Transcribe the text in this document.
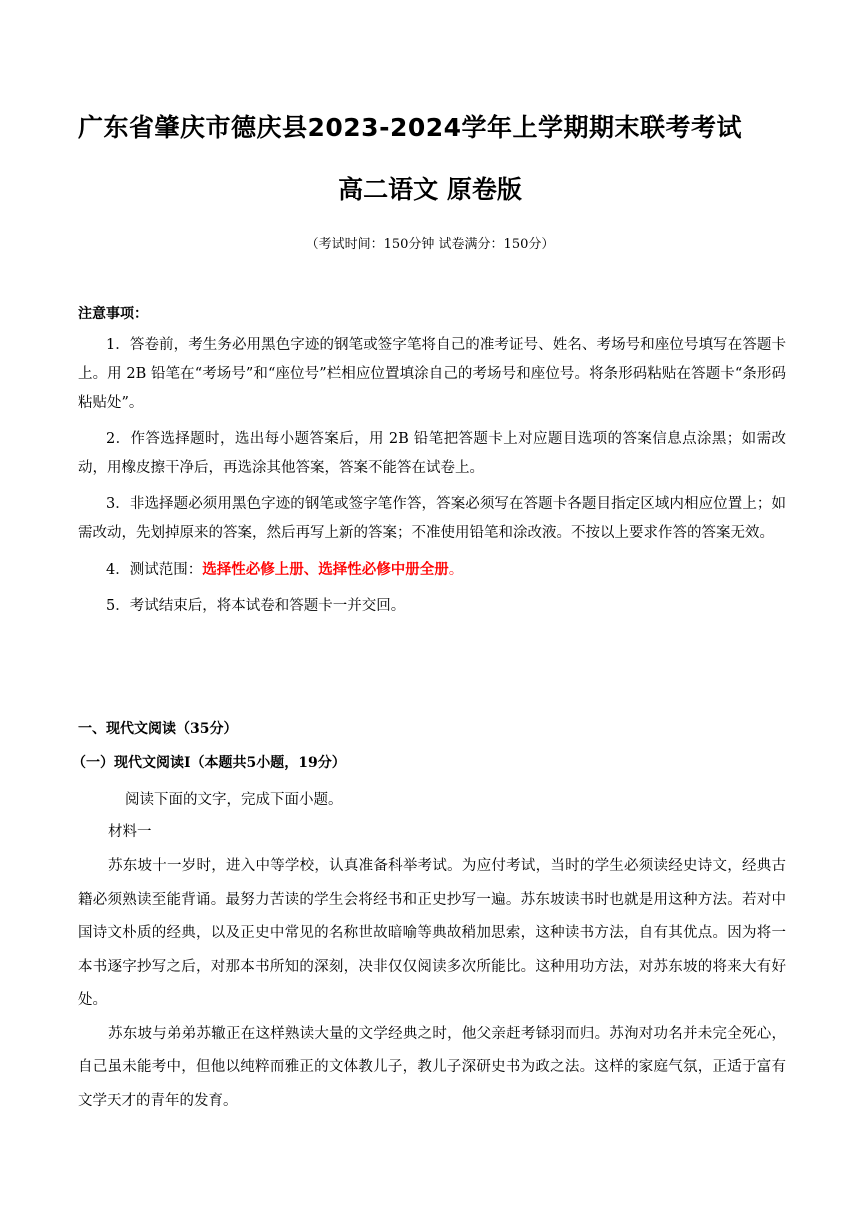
广东省肇庆市德庆县2023-2024学年上学期期末联考考试
高二语文 原卷版
（考试时间：150分钟 试卷满分：150分）
注意事项：

1．答卷前，考生务必用黑色字迹的钢笔或签字笔将自己的准考证号、姓名、考场号和座位号填写在答题卡上。用 2B 铅笔在“考场号”和“座位号”栏相应位置填涂自己的考场号和座位号。将条形码粘贴在答题卡“条形码粘贴处”。

2．作答选择题时，选出每小题答案后，用 2B 铅笔把答题卡上对应题目选项的答案信息点涂黑；如需改动，用橡皮擦干净后，再选涂其他答案，答案不能答在试卷上。

3．非选择题必须用黑色字迹的钢笔或签字笔作答，答案必须写在答题卡各题目指定区域内相应位置上；如需改动，先划掉原来的答案，然后再写上新的答案；不准使用铅笔和涂改液。不按以上要求作答的答案无效。

4．测试范围：选择性必修上册、选择性必修中册全册。

5．考试结束后，将本试卷和答题卡一并交回。

一、现代文阅读（35分）
（一）现代文阅读Ⅰ（本题共5小题，19分）
阅读下面的文字，完成下面小题。
材料一

苏东坡十一岁时，进入中等学校，认真准备科举考试。为应付考试，当时的学生必须读经史诗文，经典古籍必须熟读至能背诵。最努力苦读的学生会将经书和正史抄写一遍。苏东坡读书时也就是用这种方法。若对中国诗文朴质的经典，以及正史中常见的名称世故暗喻等典故稍加思索，这种读书方法，自有其优点。因为将一本书逐字抄写之后，对那本书所知的深刻，决非仅仅阅读多次所能比。这种用功方法，对苏东坡的将来大有好处。

苏东坡与弟弟苏辙正在这样熟读大量的文学经典之时，他父亲赶考铩羽而归。苏洵对功名并未完全死心，自己虽未能考中，但他以纯粹而雅正的文体教儿子，教儿子深研史书为政之法。这样的家庭气氛，正适于富有文学天才的青年的发育。
